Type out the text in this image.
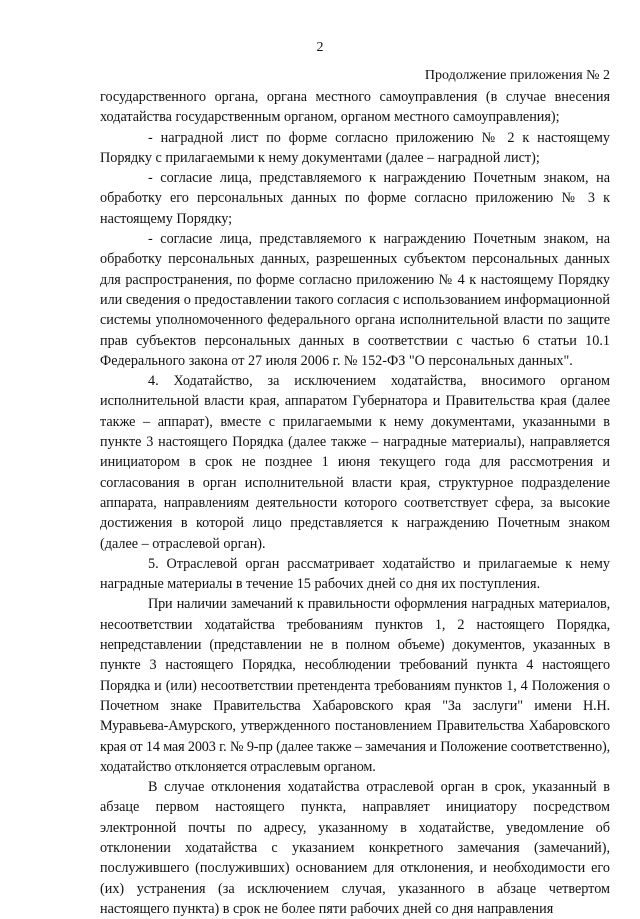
2
Продолжение приложения № 2

государственного органа, органа местного самоуправления (в случае внесения ходатайства государственным органом, органом местного самоуправления);

- наградной лист по форме согласно приложению № 2 к настоящему Порядку с прилагаемыми к нему документами (далее – наградной лист);

- согласие лица, представляемого к награждению Почетным знаком, на обработку его персональных данных по форме согласно приложению № 3 к настоящему Порядку;

- согласие лица, представляемого к награждению Почетным знаком, на обработку персональных данных, разрешенных субъектом персональных данных для распространения, по форме согласно приложению № 4 к настоящему Порядку или сведения о предоставлении такого согласия с использованием информационной системы уполномоченного федерального органа исполнительной власти по защите прав субъектов персональных данных в соответствии с частью 6 статьи 10.1 Федерального закона от 27 июля 2006 г. № 152-ФЗ "О персональных данных".

4. Ходатайство, за исключением ходатайства, вносимого органом исполнительной власти края, аппаратом Губернатора и Правительства края (далее также – аппарат), вместе с прилагаемыми к нему документами, указанными в пункте 3 настоящего Порядка (далее также – наградные материалы), направляется инициатором в срок не позднее 1 июня текущего года для рассмотрения и согласования в орган исполнительной власти края, структурное подразделение аппарата, направлениям деятельности которого соответствует сфера, за высокие достижения в которой лицо представляется к награждению Почетным знаком (далее – отраслевой орган).

5. Отраслевой орган рассматривает ходатайство и прилагаемые к нему наградные материалы в течение 15 рабочих дней со дня их поступления.

При наличии замечаний к правильности оформления наградных материалов, несоответствии ходатайства требованиям пунктов 1, 2 настоящего Порядка, непредставлении (представлении не в полном объеме) документов, указанных в пункте 3 настоящего Порядка, несоблюдении требований пункта 4 настоящего Порядка и (или) несоответствии претендента требованиям пунктов 1, 4 Положения о Почетном знаке Правительства Хабаровского края "За заслуги" имени Н.Н. Муравьева-Амурского, утвержденного постановлением Правительства Хабаровского края от 14 мая 2003 г. № 9-пр (далее также – замечания и Положение соответственно), ходатайство отклоняется отраслевым органом.

В случае отклонения ходатайства отраслевой орган в срок, указанный в абзаце первом настоящего пункта, направляет инициатору посредством электронной почты по адресу, указанному в ходатайстве, уведомление об отклонении ходатайства с указанием конкретного замечания (замечаний), послужившего (послуживших) основанием для отклонения, и необходимости его (их) устранения (за исключением случая, указанного в абзаце четвертом настоящего пункта) в срок не более пяти рабочих дней со дня направления
